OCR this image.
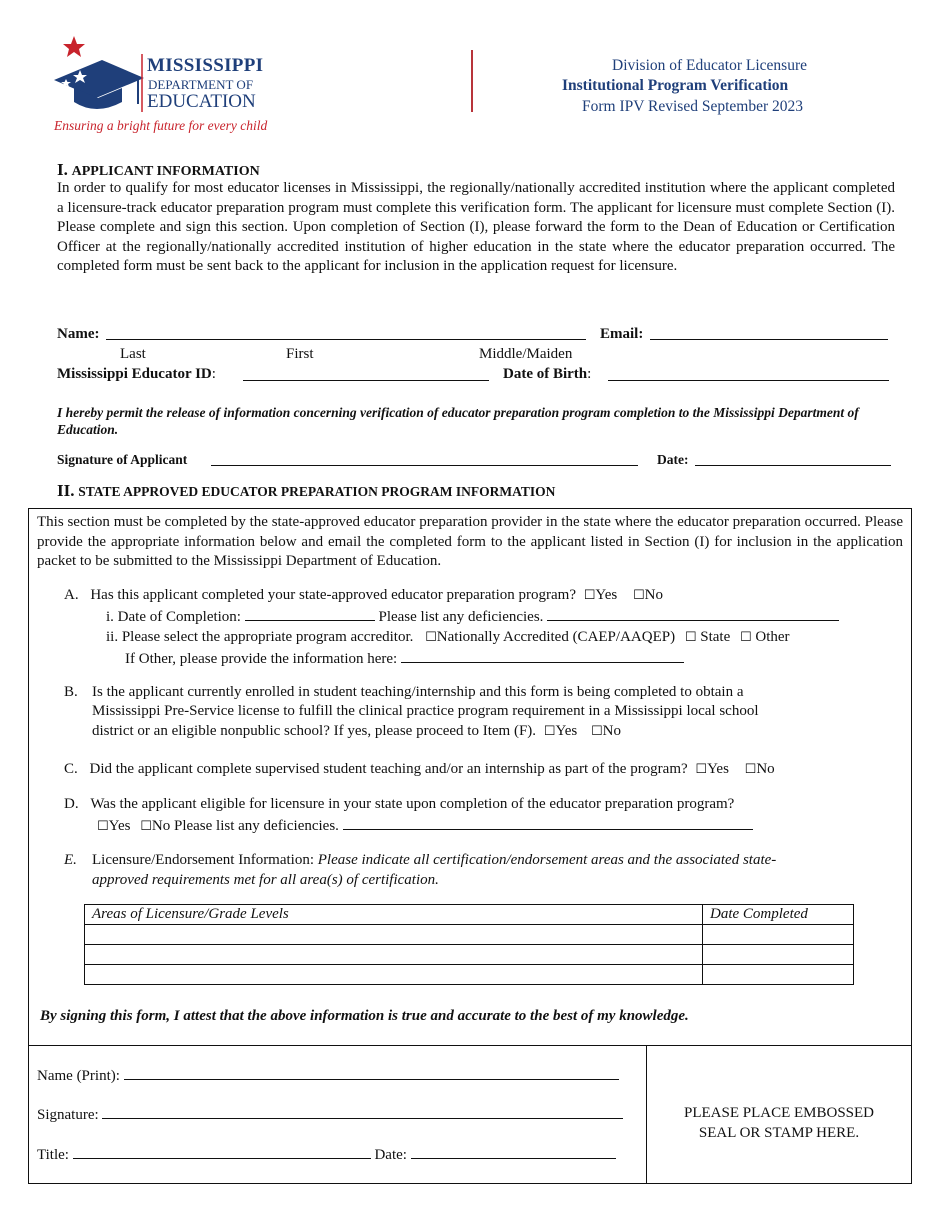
MISSISSIPPI
DEPARTMENT OF
EDUCATION
Ensuring a bright future for every child
Division of Educator Licensure
Institutional Program Verification
Form IPV Revised September 2023
I. APPLICANT INFORMATION
In order to qualify for most educator licenses in Mississippi, the regionally/nationally accredited institution where the applicant completed a licensure-track educator preparation program must complete this verification form. The applicant for licensure must complete Section (I). Please complete and sign this section. Upon completion of Section (I), please forward the form to the Dean of Education or Certification Officer at the regionally/nationally accredited institution of higher education in the state where the educator preparation occurred. The completed form must be sent back to the applicant for inclusion in the application request for licensure.
Name:	Email:
Last	First	Middle/Maiden
Mississippi Educator ID:	Date of Birth:
I hereby permit the release of information concerning verification of educator preparation program completion to the Mississippi Department of Education.
Signature of Applicant	Date:
II. STATE APPROVED EDUCATOR PREPARATION PROGRAM INFORMATION
This section must be completed by the state-approved educator preparation provider in the state where the educator preparation occurred. Please provide the appropriate information below and email the completed form to the applicant listed in Section (I) for inclusion in the application packet to be submitted to the Mississippi Department of Education.
A. Has this applicant completed your state-approved educator preparation program? ☐Yes ☐No
i. Date of Completion:	Please list any deficiencies.
ii. Please select the appropriate program accreditor. ☐Nationally Accredited (CAEP/AAQEP) ☐ State ☐ Other
If Other, please provide the information here:
B. Is the applicant currently enrolled in student teaching/internship and this form is being completed to obtain a
Mississippi Pre-Service license to fulfill the clinical practice program requirement in a Mississippi local school
district or an eligible nonpublic school? If yes, please proceed to Item (F). ☐Yes ☐No
C. Did the applicant complete supervised student teaching and/or an internship as part of the program? ☐Yes ☐No
D. Was the applicant eligible for licensure in your state upon completion of the educator preparation program?
☐Yes ☐No Please list any deficiencies.
E. Licensure/Endorsement Information: Please indicate all certification/endorsement areas and the associated state-
approved requirements met for all area(s) of certification.
Areas of Licensure/Grade Levels	Date Completed

By signing this form, I attest that the above information is true and accurate to the best of my knowledge.
Name (Print):
Signature:
Title:	Date:
PLEASE PLACE EMBOSSED
SEAL OR STAMP HERE.
